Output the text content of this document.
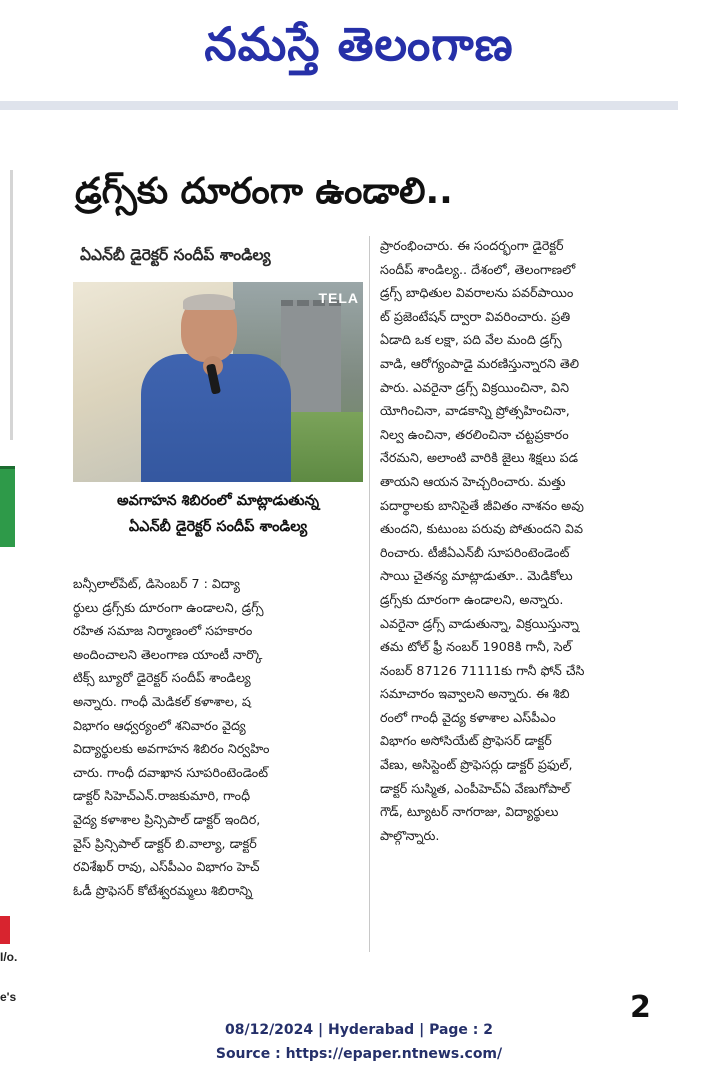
నమస్తే తెలంగాణ
I/o.
e's
డ్రగ్స్‌కు దూరంగా ఉండాలి..
ఏఎన్‌బీ డైరెక్టర్ సందీప్ శాండిల్య
TELA
అవగాహన శిబిరంలో మాట్లాడుతున్న
ఏఎన్‌బీ డైరెక్టర్ సందీప్ శాండిల్య

బన్సీలాల్‌పేట్, డిసెంబర్ 7 : విద్యా

ర్థులు డ్రగ్స్‌కు దూరంగా ఉండాలని, డ్రగ్స్

రహిత సమాజ నిర్మాణంలో సహకారం

అందించాలని తెలంగాణ యాంటీ నార్కొ

టిక్స్ బ్యూరో డైరెక్టర్ సందీప్ శాండిల్య

అన్నారు. గాంధీ మెడికల్ కళాశాల, ష

విభాగం ఆధ్వర్యంలో శనివారం వైద్య

విద్యార్థులకు అవగాహన శిబిరం నిర్వహిం

చారు. గాంధీ దవాఖాన సూపరింటెండెంట్

డాక్టర్ సిహెచ్ఎన్.రాజకుమారి, గాంధీ

వైద్య కళాశాల ప్రిన్సిపాల్ డాక్టర్ ఇందిర,

వైస్ ప్రిన్సిపాల్ డాక్టర్ బి.వాల్యా, డాక్టర్

రవిశేఖర్ రావు, ఎస్‌పీఎం విభాగం హెచ్

ఓడీ ప్రొఫెసర్ కోటేశ్వరమ్మలు శిబిరాన్ని

ప్రారంభించారు. ఈ సందర్భంగా డైరెక్టర్

సందీప్ శాండిల్య.. దేశంలో, తెలంగాణలో

డ్రగ్స్ బాధితుల వివరాలను పవర్‌పాయిం

ట్ ప్రజెంటేషన్ ద్వారా వివరించారు. ప్రతి

ఏడాది ఒక లక్షా, పది వేల మంది డ్రగ్స్

వాడి, ఆరోగ్యంపాడై మరణిస్తున్నారని తెలి

పారు. ఎవరైనా డ్రగ్స్ విక్రయించినా, విని

యోగించినా, వాడకాన్ని ప్రోత్సహించినా,

నిల్వ ఉంచినా, తరలించినా చట్టప్రకారం

నేరమని, అలాంటి వారికి జైలు శిక్షలు పడ

తాయని ఆయన హెచ్చరించారు. మత్తు

పదార్థాలకు బానిసైతే జీవితం నాశనం అవు

తుందని, కుటుంబ పరువు పోతుందని వివ

రించారు. టీజీఏఎన్‌బీ సూపరింటెండెంట్

సాయి చైతన్య మాట్లాడుతూ.. మెడికోలు

డ్రగ్స్‌కు దూరంగా ఉండాలని, అన్నారు.

ఎవరైనా డ్రగ్స్ వాడుతున్నా, విక్రయిస్తున్నా

తమ టోల్ ఫ్రీ నంబర్ 1908కి గానీ, సెల్

నంబర్ 87126 71111కు గానీ ఫోన్ చేసి

సమాచారం ఇవ్వాలని అన్నారు. ఈ శిబి

రంలో గాంధీ వైద్య కళాశాల ఎస్‌పీఎం

విభాగం అసోసియేట్ ప్రొఫెసర్ డాక్టర్

వేణు, అసిస్టెంట్ ప్రొఫెసర్లు డాక్టర్ ప్రఫుల్,

డాక్టర్ సుస్మిత, ఎంపీహెచ్ఏ వేణుగోపాల్

గౌడ్, ట్యూటర్ నాగరాజు, విద్యార్థులు

పాల్గొన్నారు.

2
08/12/2024 | Hyderabad | Page : 2
Source : https://epaper.ntnews.com/
